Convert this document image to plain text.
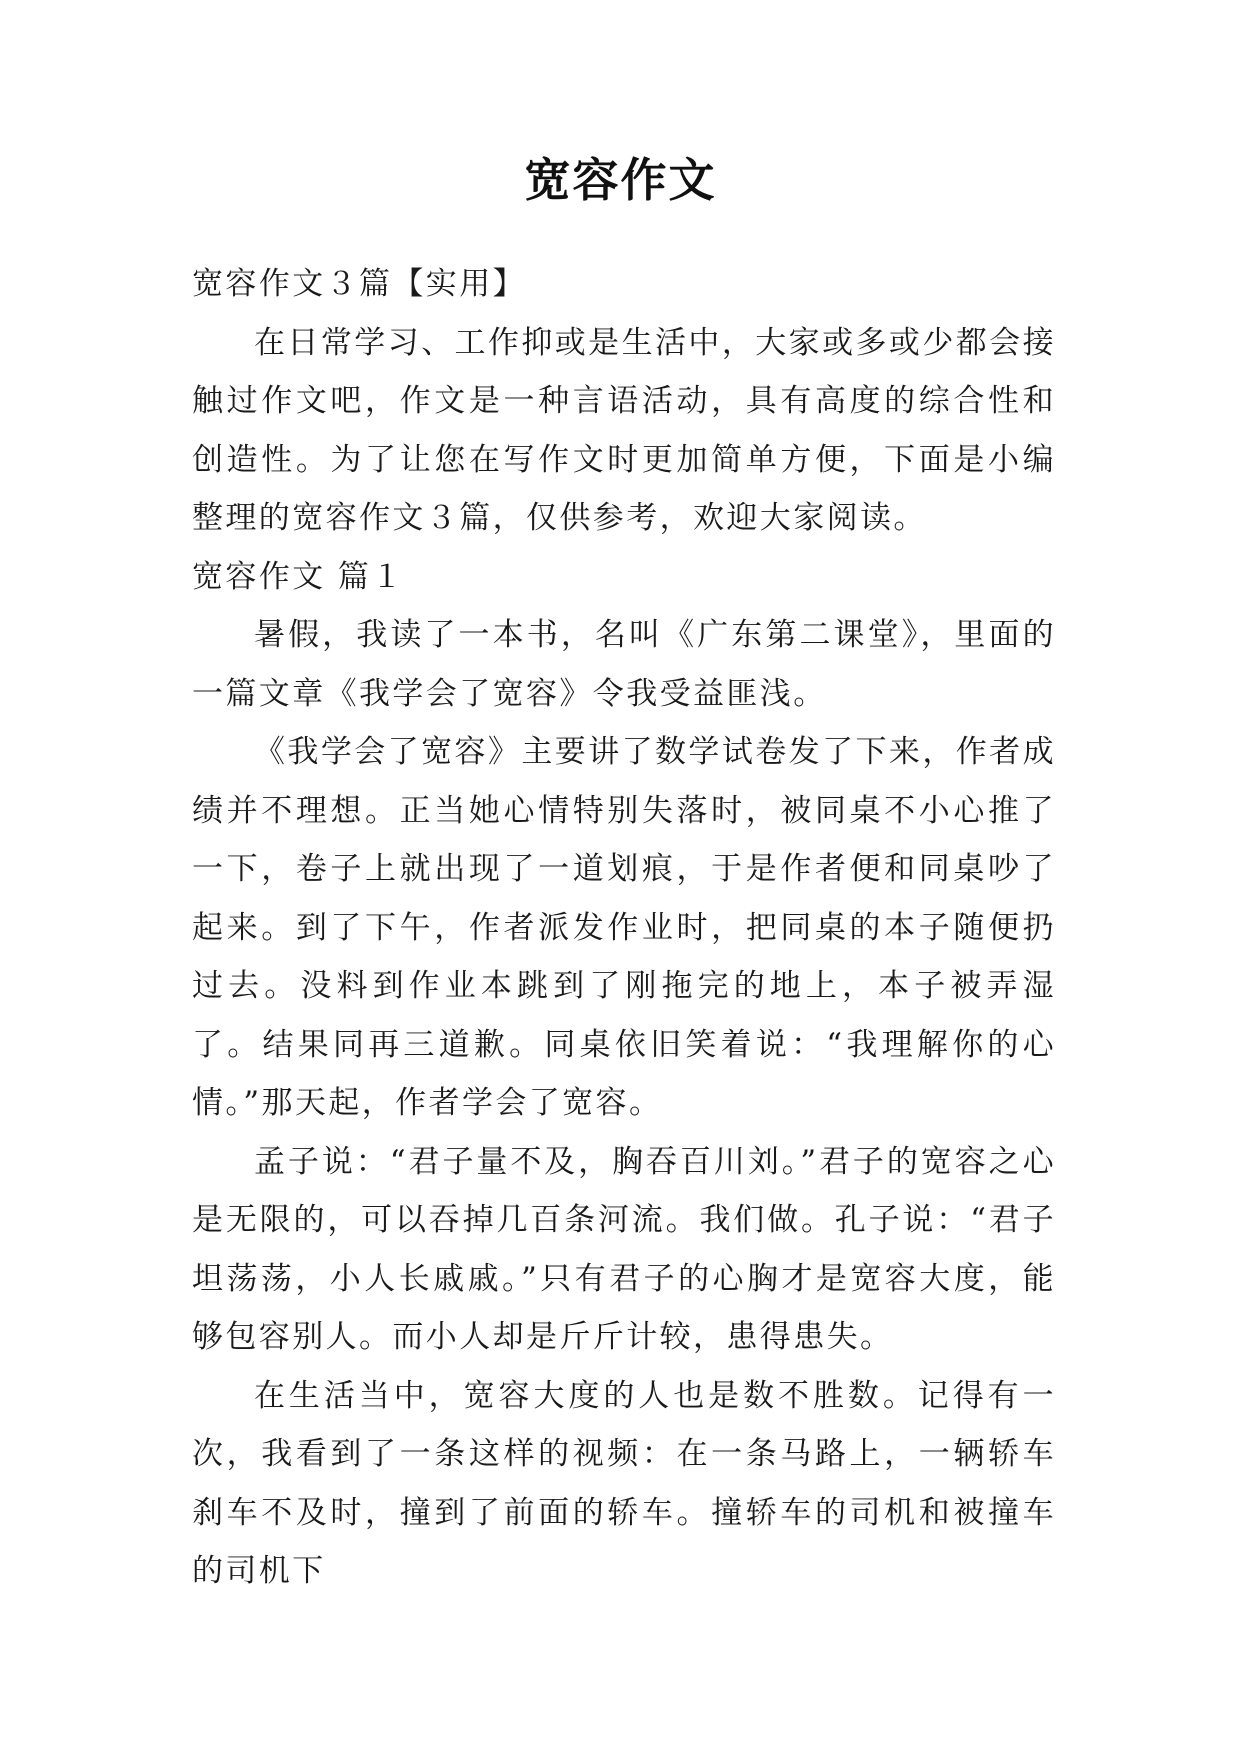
宽容作文

宽容作文３篇【实用】

在日常学习、工作抑或是生活中，大家或多或少都会接触过作文吧，作文是一种言语活动，具有高度的综合性和创造性。为了让您在写作文时更加简单方便，下面是小编整理的宽容作文３篇，仅供参考，欢迎大家阅读。

宽容作文 篇１

暑假，我读了一本书，名叫《广东第二课堂》，里面的一篇文章《我学会了宽容》令我受益匪浅。

《我学会了宽容》主要讲了数学试卷发了下来，作者成绩并不理想。正当她心情特别失落时，被同桌不小心推了一下，卷子上就出现了一道划痕，于是作者便和同桌吵了起来。到了下午，作者派发作业时，把同桌的本子随便扔过去。没料到作业本跳到了刚拖完的地上，本子被弄湿了。结果同再三道歉。同桌依旧笑着说：“我理解你的心情。”那天起，作者学会了宽容。

孟子说：“君子量不及，胸吞百川刘。”君子的宽容之心是无限的，可以吞掉几百条河流。我们做。孔子说：“君子坦荡荡，小人长戚戚。”只有君子的心胸才是宽容大度，能够包容别人。而小人却是斤斤计较，患得患失。

在生活当中，宽容大度的人也是数不胜数。记得有一次，我看到了一条这样的视频：在一条马路上，一辆轿车刹车不及时，撞到了前面的轿车。撞轿车的司机和被撞车的司机下
